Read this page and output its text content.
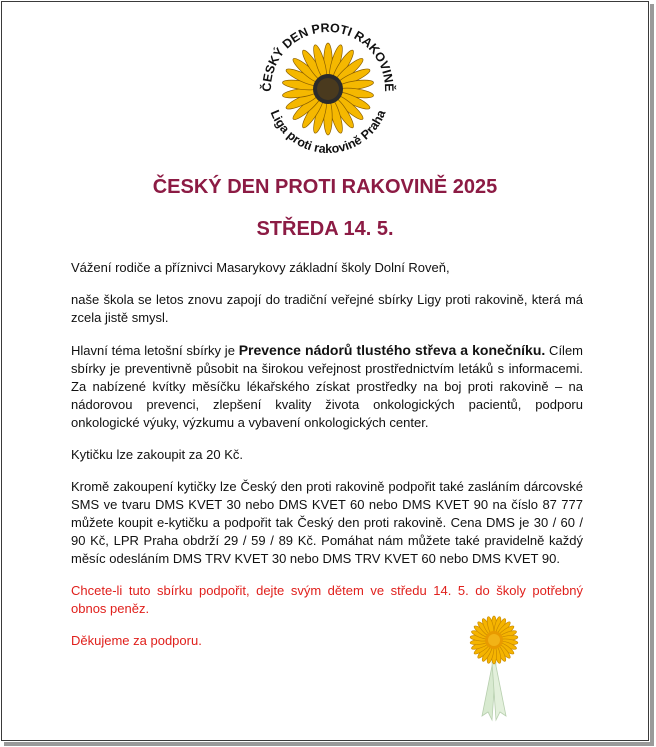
ČESKÝ DEN PROTI RAKOVINĚ
Liga proti rakovině Praha
ČESKÝ DEN PROTI RAKOVINĚ 2025
STŘEDA 14. 5.

Vážení rodiče a příznivci Masarykovy základní školy Dolní Roveň,

naše škola se letos znovu zapojí do tradiční veřejné sbírky Ligy proti rakovině, která má zcela jistě smysl.

Hlavní téma letošní sbírky je Prevence nádorů tlustého střeva a konečníku. Cílem sbírky je preventivně působit na širokou veřejnost prostřednictvím letáků s informacemi. Za nabízené kvítky měsíčku lékařského získat prostředky na boj proti rakovině – na nádorovou prevenci, zlepšení kvality života onkologických pacientů, podporu onkologické výuky, výzkumu a vybavení onkologických center.

Kytičku lze zakoupit za 20 Kč.

Kromě zakoupení kytičky lze Český den proti rakovině podpořit také zasláním dárcovské SMS ve tvaru DMS KVET 30 nebo DMS KVET 60 nebo DMS KVET 90 na číslo 87 777 můžete koupit e-kytičku a podpořit tak Český den proti rakovině. Cena DMS je 30 / 60 / 90 Kč, LPR Praha obdrží 29 / 59 / 89 Kč. Pomáhat nám můžete také pravidelně každý měsíc odesláním DMS TRV KVET 30 nebo DMS TRV KVET 60 nebo DMS KVET 90.

Chcete-li tuto sbírku podpořit, dejte svým dětem ve středu 14. 5. do školy potřebný obnos peněz.

Děkujeme za podporu.
